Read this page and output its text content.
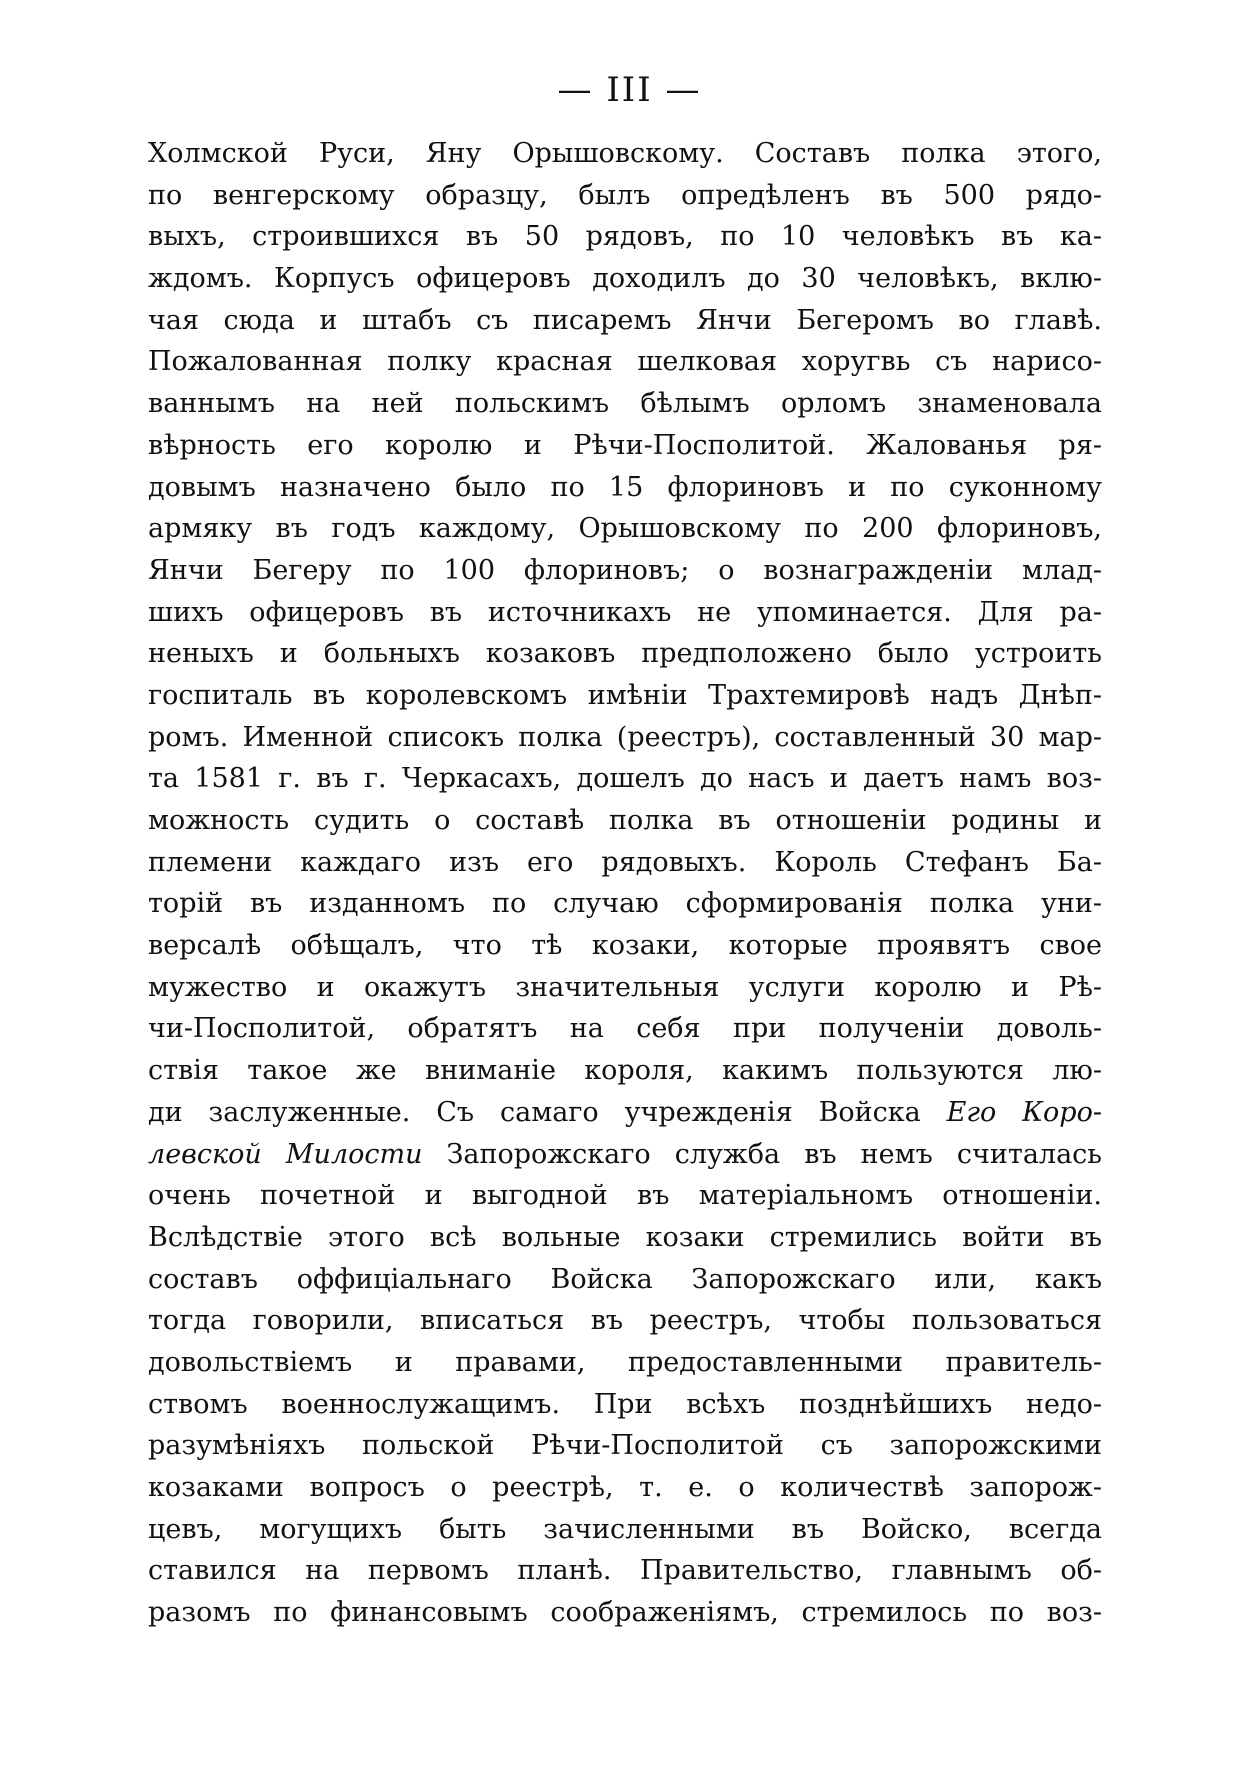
— III —
Холмской Руси, Яну Орышовскому. Составъ полка этого,
по венгерскому образцу, былъ опредѣленъ въ 500 рядо-
выхъ, строившихся въ 50 рядовъ, по 10 человѣкъ въ ка-
ждомъ. Корпусъ офицеровъ доходилъ до 30 человѣкъ, вклю-
чая сюда и штабъ съ писаремъ Янчи Бегеромъ во главѣ.
Пожалованная полку красная шелковая хоругвь съ нарисо-
ваннымъ на ней польскимъ бѣлымъ орломъ знаменовала
вѣрность его королю и Рѣчи-Посполитой. Жалованья ря-
довымъ назначено было по 15 флориновъ и по суконному
армяку въ годъ каждому, Орышовскому по 200 флориновъ,
Янчи Бегеру по 100 флориновъ; о вознагражденіи млад-
шихъ офицеровъ въ источникахъ не упоминается. Для ра-
неныхъ и больныхъ козаковъ предположено было устроить
госпиталь въ королевскомъ имѣніи Трахтемировѣ надъ Днѣп-
ромъ. Именной списокъ полка (реестръ), составленный 30 мар-
та 1581 г. въ г. Черкасахъ, дошелъ до насъ и даетъ намъ воз-
можность судить о составѣ полка въ отношеніи родины и
племени каждаго изъ его рядовыхъ. Король Стефанъ Ба-
торій въ изданномъ по случаю сформированія полка уни-
версалѣ обѣщалъ, что тѣ козаки, которые проявятъ свое
мужество и окажутъ значительныя услуги королю и Рѣ-
чи-Посполитой, обратятъ на себя при полученіи доволь-
ствія такое же вниманіе короля, какимъ пользуются лю-
ди заслуженные. Съ самаго учрежденія Войска Его Коро-
левской Милости Запорожскаго служба въ немъ считалась
очень почетной и выгодной въ матеріальномъ отношеніи.
Вслѣдствіе этого всѣ вольные козаки стремились войти въ
составъ оффиціальнаго Войска Запорожскаго или, какъ
тогда говорили, вписаться въ реестръ, чтобы пользоваться
довольствіемъ и правами, предоставленными правитель-
ствомъ военнослужащимъ. При всѣхъ позднѣйшихъ недо-
разумѣніяхъ польской Рѣчи-Посполитой съ запорожскими
козаками вопросъ о реестрѣ, т. е. о количествѣ запорож-
цевъ, могущихъ быть зачисленными въ Войско, всегда
ставился на первомъ планѣ. Правительство, главнымъ об-
разомъ по финансовымъ соображеніямъ, стремилось по воз-
